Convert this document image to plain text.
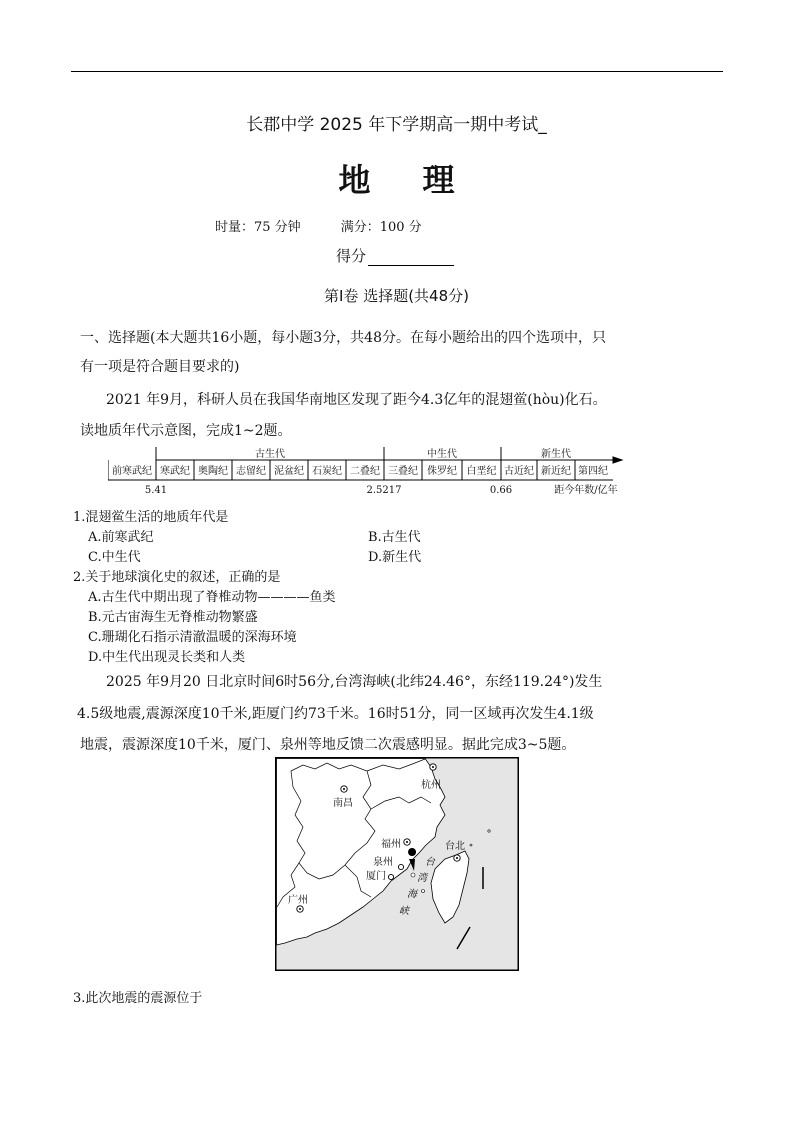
长郡中学 2025 年下学期高一期中考试_
地 理
时量：75 分钟	满分：100 分
得分
第Ⅰ卷 选择题(共48分)
一、选择题(本大题共16小题，每小题3分，共48分。在每小题给出的四个选项中，只
有一项是符合题目要求的)
2021 年9月，科研人员在我国华南地区发现了距今4.3亿年的混翅鲎(hòu)化石。
读地质年代示意图，完成1~2题。
古生代	中生代	新生代
前寒武纪 寒武纪 奥陶纪 志留纪 泥盆纪 石炭纪 二叠纪 三叠纪 侏罗纪 白垩纪 古近纪 新近纪 第四纪
5.41	2.5217	0.66	距今年数/亿年
1.混翅鲎生活的地质年代是
A.前寒武纪	B.古生代
C.中生代	D.新生代
2.关于地球演化史的叙述，正确的是
A.古生代中期出现了脊椎动物————鱼类
B.元古宙海生无脊椎动物繁盛
C.珊瑚化石指示清澈温暖的深海环境
D.中生代出现灵长类和人类
2025 年9月20 日北京时间6时56分,台湾海峡(北纬24.46°，东经119.24°)发生
4.5级地震,震源深度10千米,距厦门约73千米。16时51分，同一区域再次发生4.1级
地震，震源深度10千米，厦门、泉州等地反馈二次震感明显。据此完成3~5题。
杭州
南昌
福州	台北
泉州
厦门
广州
台
湾
海
峡
3.此次地震的震源位于
